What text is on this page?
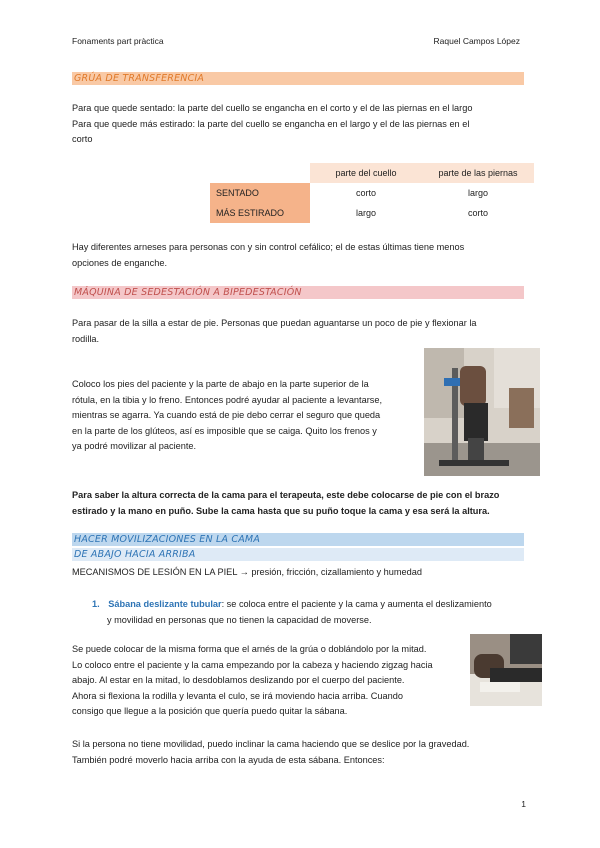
Fonaments part pràctica	Raquel Campos López
GRÚA DE TRANSFERENCIA
Para que quede sentado: la parte del cuello se engancha en el corto y el de las piernas en el largo
Para que quede más estirado: la parte del cuello se engancha en el largo y el de las piernas en el
corto
	parte del cuello	parte de las piernas
SENTADO	corto	largo
MÁS ESTIRADO	largo	corto
Hay diferentes arneses para personas con y sin control cefálico; el de estas últimas tiene menos
opciones de enganche.
MÁQUINA DE SEDESTACIÓN A BIPEDESTACIÓN
Para pasar de la silla a estar de pie. Personas que puedan aguantarse un poco de pie y flexionar la
rodilla.
Coloco los pies del paciente y la parte de abajo en la parte superior de la
rótula, en la tibia y lo freno. Entonces podré ayudar al paciente a levantarse,
mientras se agarra. Ya cuando está de pie debo cerrar el seguro que queda
en la parte de los glúteos, así es imposible que se caiga. Quito los frenos y
ya podré movilizar al paciente.
Para saber la altura correcta de la cama para el terapeuta, este debe colocarse de pie con el brazo
estirado y la mano en puño. Sube la cama hasta que su puño toque la cama y esa será la altura.
HACER MOVILIZACIONES EN LA CAMA
DE ABAJO HACIA ARRIBA
MECANISMOS DE LESIÓN EN LA PIEL → presión, fricción, cizallamiento y humedad
1. Sábana deslizante tubular: se coloca entre el paciente y la cama y aumenta el deslizamiento
y movilidad en personas que no tienen la capacidad de moverse.
Se puede colocar de la misma forma que el arnés de la grúa o doblándolo por la mitad.
Lo coloco entre el paciente y la cama empezando por la cabeza y haciendo zigzag hacia
abajo. Al estar en la mitad, lo desdoblamos deslizando por el cuerpo del paciente.
Ahora si flexiona la rodilla y levanta el culo, se irá moviendo hacia arriba. Cuando
consigo que llegue a la posición que quería puedo quitar la sábana.
Si la persona no tiene movilidad, puedo inclinar la cama haciendo que se deslice por la gravedad.
También podré moverlo hacia arriba con la ayuda de esta sábana. Entonces:
1
